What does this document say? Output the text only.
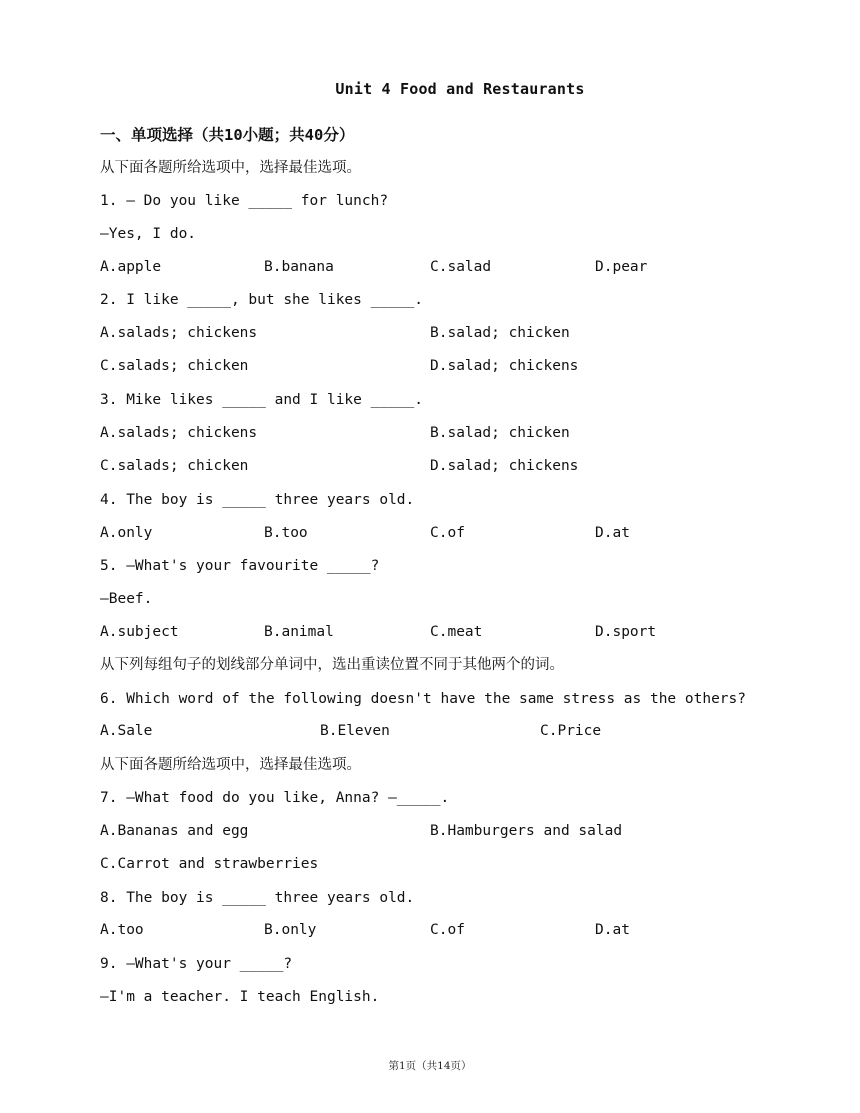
Unit 4 Food and Restaurants
一、单项选择（共10小题；共40分）
从下面各题所给选项中，选择最佳选项。
1. — Do you like _____ for lunch?
—Yes, I do.
A.apple	B.banana	C.salad	D.pear
2. I like _____, but she likes _____.
A.salads; chickens	B.salad; chicken
C.salads; chicken	D.salad; chickens
3. Mike likes _____ and I like _____.
A.salads; chickens	B.salad; chicken
C.salads; chicken	D.salad; chickens
4. The boy is _____ three years old.
A.only	B.too	C.of	D.at
5. —What's your favourite _____?
—Beef.
A.subject	B.animal	C.meat	D.sport
从下列每组句子的划线部分单词中，选出重读位置不同于其他两个的词。
6. Which word of the following doesn't have the same stress as the others?
A.Sale	B.Eleven	C.Price
从下面各题所给选项中，选择最佳选项。
7. —What food do you like, Anna? —_____.
A.Bananas and egg	B.Hamburgers and salad
C.Carrot and strawberries
8. The boy is _____ three years old.
A.too	B.only	C.of	D.at
9. —What's your _____?
—I'm a teacher. I teach English.
第1页（共14页）
